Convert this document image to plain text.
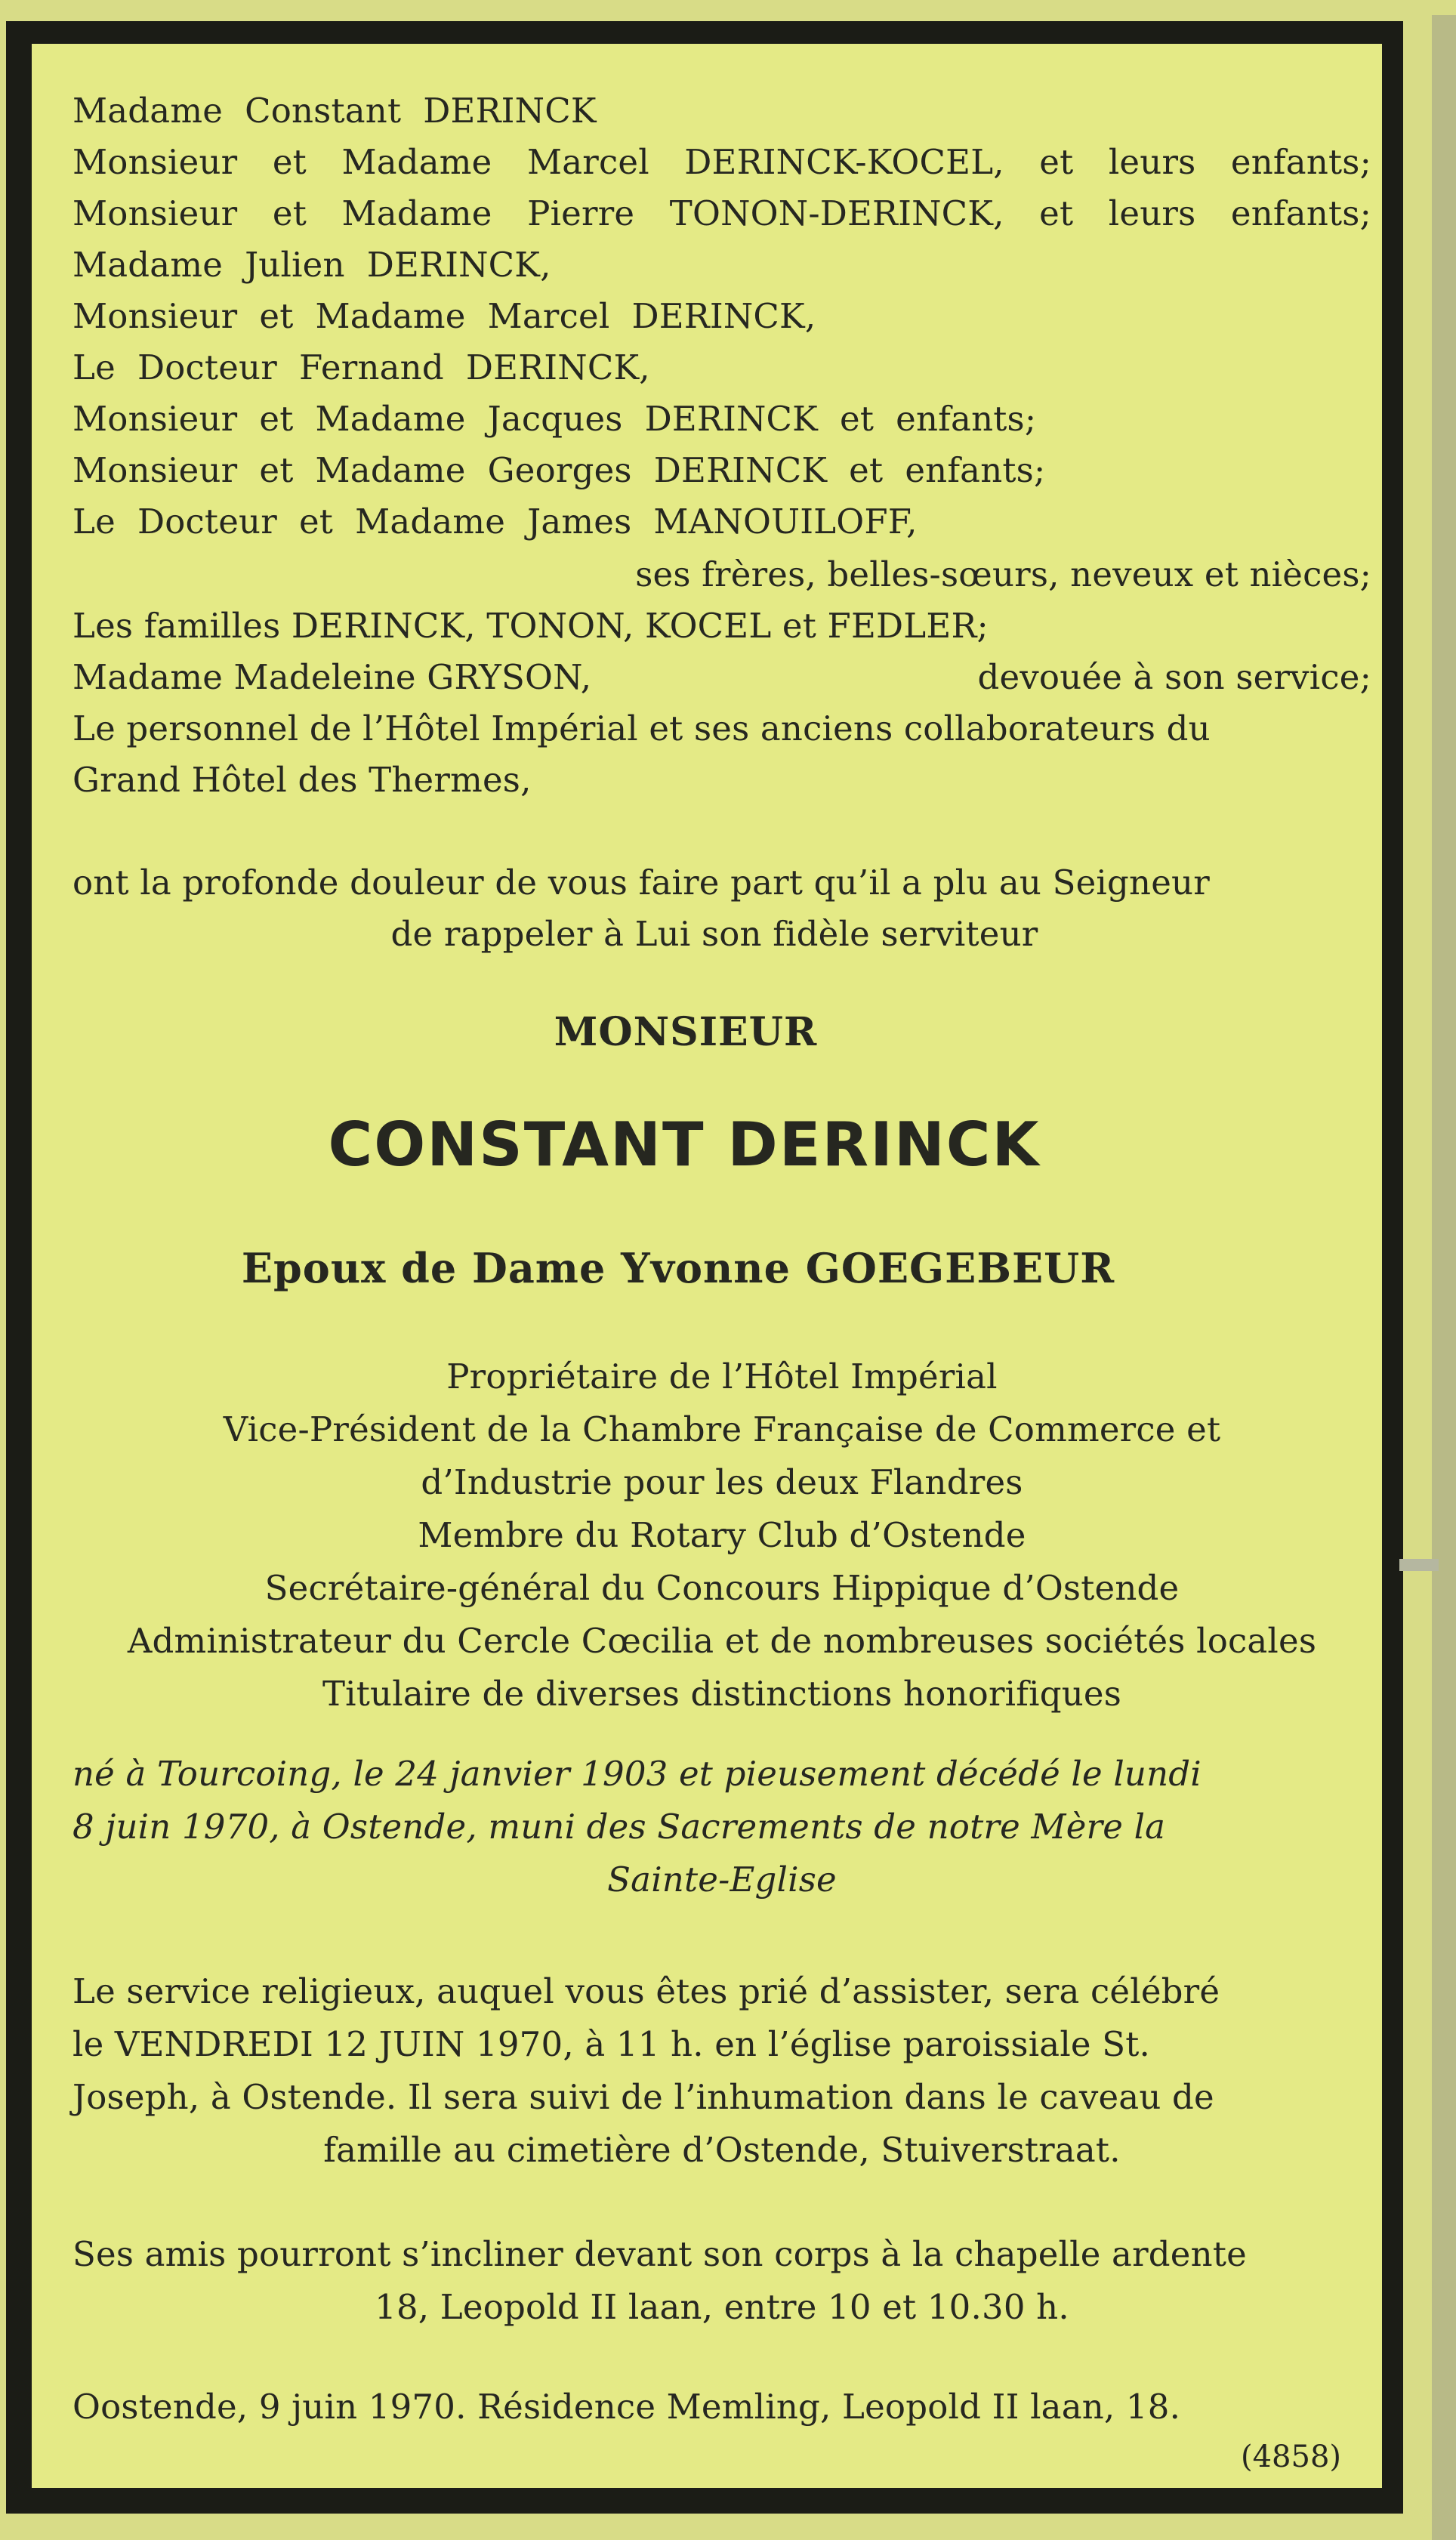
Madame Constant DERINCK
Monsieur et Madame Marcel DERINCK-KOCEL, et leurs enfants;
Monsieur et Madame Pierre TONON-DERINCK, et leurs enfants;
Madame Julien DERINCK,
Monsieur et Madame Marcel DERINCK,
Le Docteur Fernand DERINCK,
Monsieur et Madame Jacques DERINCK et enfants;
Monsieur et Madame Georges DERINCK et enfants;
Le Docteur et Madame James MANOUILOFF,
ses frères, belles-sœurs, neveux et nièces;
Les familles DERINCK, TONON, KOCEL et FEDLER;
Madame Madeleine GRYSON,	devouée à son service;
Le personnel de l’Hôtel Impérial et ses anciens collaborateurs du
Grand Hôtel des Thermes,
ont la profonde douleur de vous faire part qu’il a plu au Seigneur
de rappeler à Lui son fidèle serviteur
MONSIEUR
CONSTANT DERINCK
Epoux de Dame Yvonne GOEGEBEUR
Propriétaire de l’Hôtel Impérial
Vice-Président de la Chambre Française de Commerce et
d’Industrie pour les deux Flandres
Membre du Rotary Club d’Ostende
Secrétaire-général du Concours Hippique d’Ostende
Administrateur du Cercle Cœcilia et de nombreuses sociétés locales
Titulaire de diverses distinctions honorifiques
né à Tourcoing, le 24 janvier 1903 et pieusement décédé le lundi
8 juin 1970, à Ostende, muni des Sacrements de notre Mère la
Sainte-Eglise
Le service religieux, auquel vous êtes prié d’assister, sera célébré
le VENDREDI 12 JUIN 1970, à 11 h. en l’église paroissiale St.
Joseph, à Ostende. Il sera suivi de l’inhumation dans le caveau de
famille au cimetière d’Ostende, Stuiverstraat.
Ses amis pourront s’incliner devant son corps à la chapelle ardente
18, Leopold II laan, entre 10 et 10.30 h.
Oostende, 9 juin 1970. Résidence Memling, Leopold II laan, 18.
(4858)
